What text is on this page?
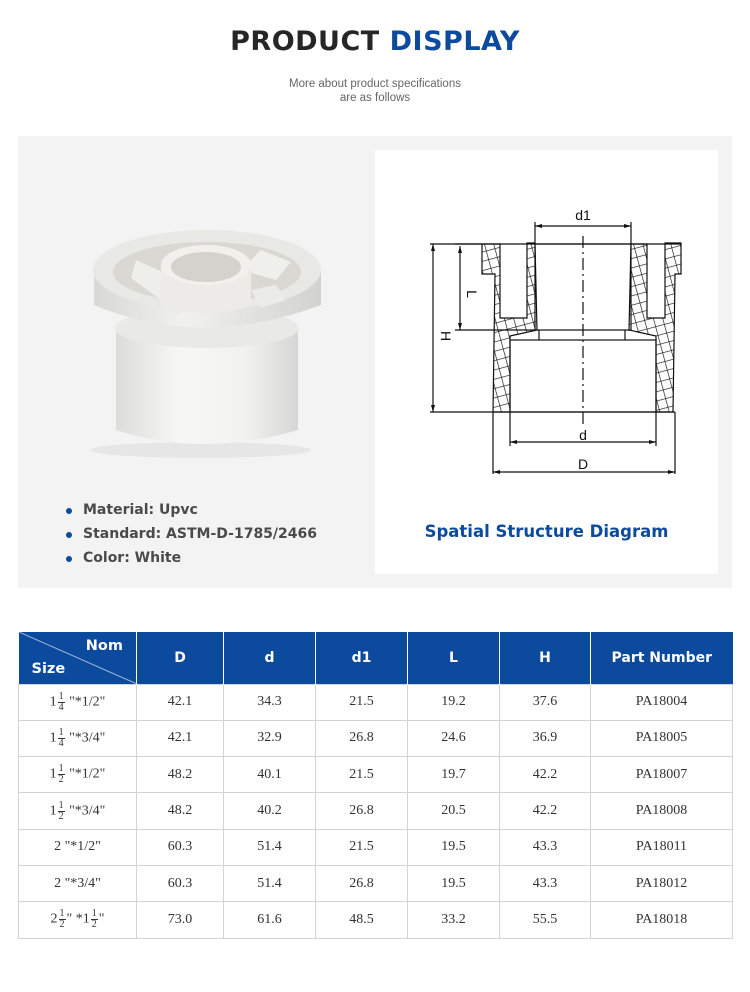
PRODUCT DISPLAY
More about product specifications
are as follows
Material: Upvc
Standard: ASTM-D-1785/2466
Color: White
d1
d
D
H
L
Spatial Structure Diagram
Nom
Size	D	d	d1	L	H	Part Number
$1 \frac{1}{4}$ "*1/2"	42.1	34.3	21.5	19.2	37.6	PA18004
$1 \frac{1}{4}$ "*3/4"	42.1	32.9	26.8	24.6	36.9	PA18005
$1 \frac{1}{2}$ "*1/2"	48.2	40.1	21.5	19.7	42.2	PA18007
$1 \frac{1}{2}$ "*3/4"	48.2	40.2	26.8	20.5	42.2	PA18008
2 "*1/2"	60.3	51.4	21.5	19.5	43.3	PA18011
2 "*3/4"	60.3	51.4	26.8	19.5	43.3	PA18012
$2 \frac{1}{2}$ " $*1 \frac{1}{2}$ "	73.0	61.6	48.5	33.2	55.5	PA18018
